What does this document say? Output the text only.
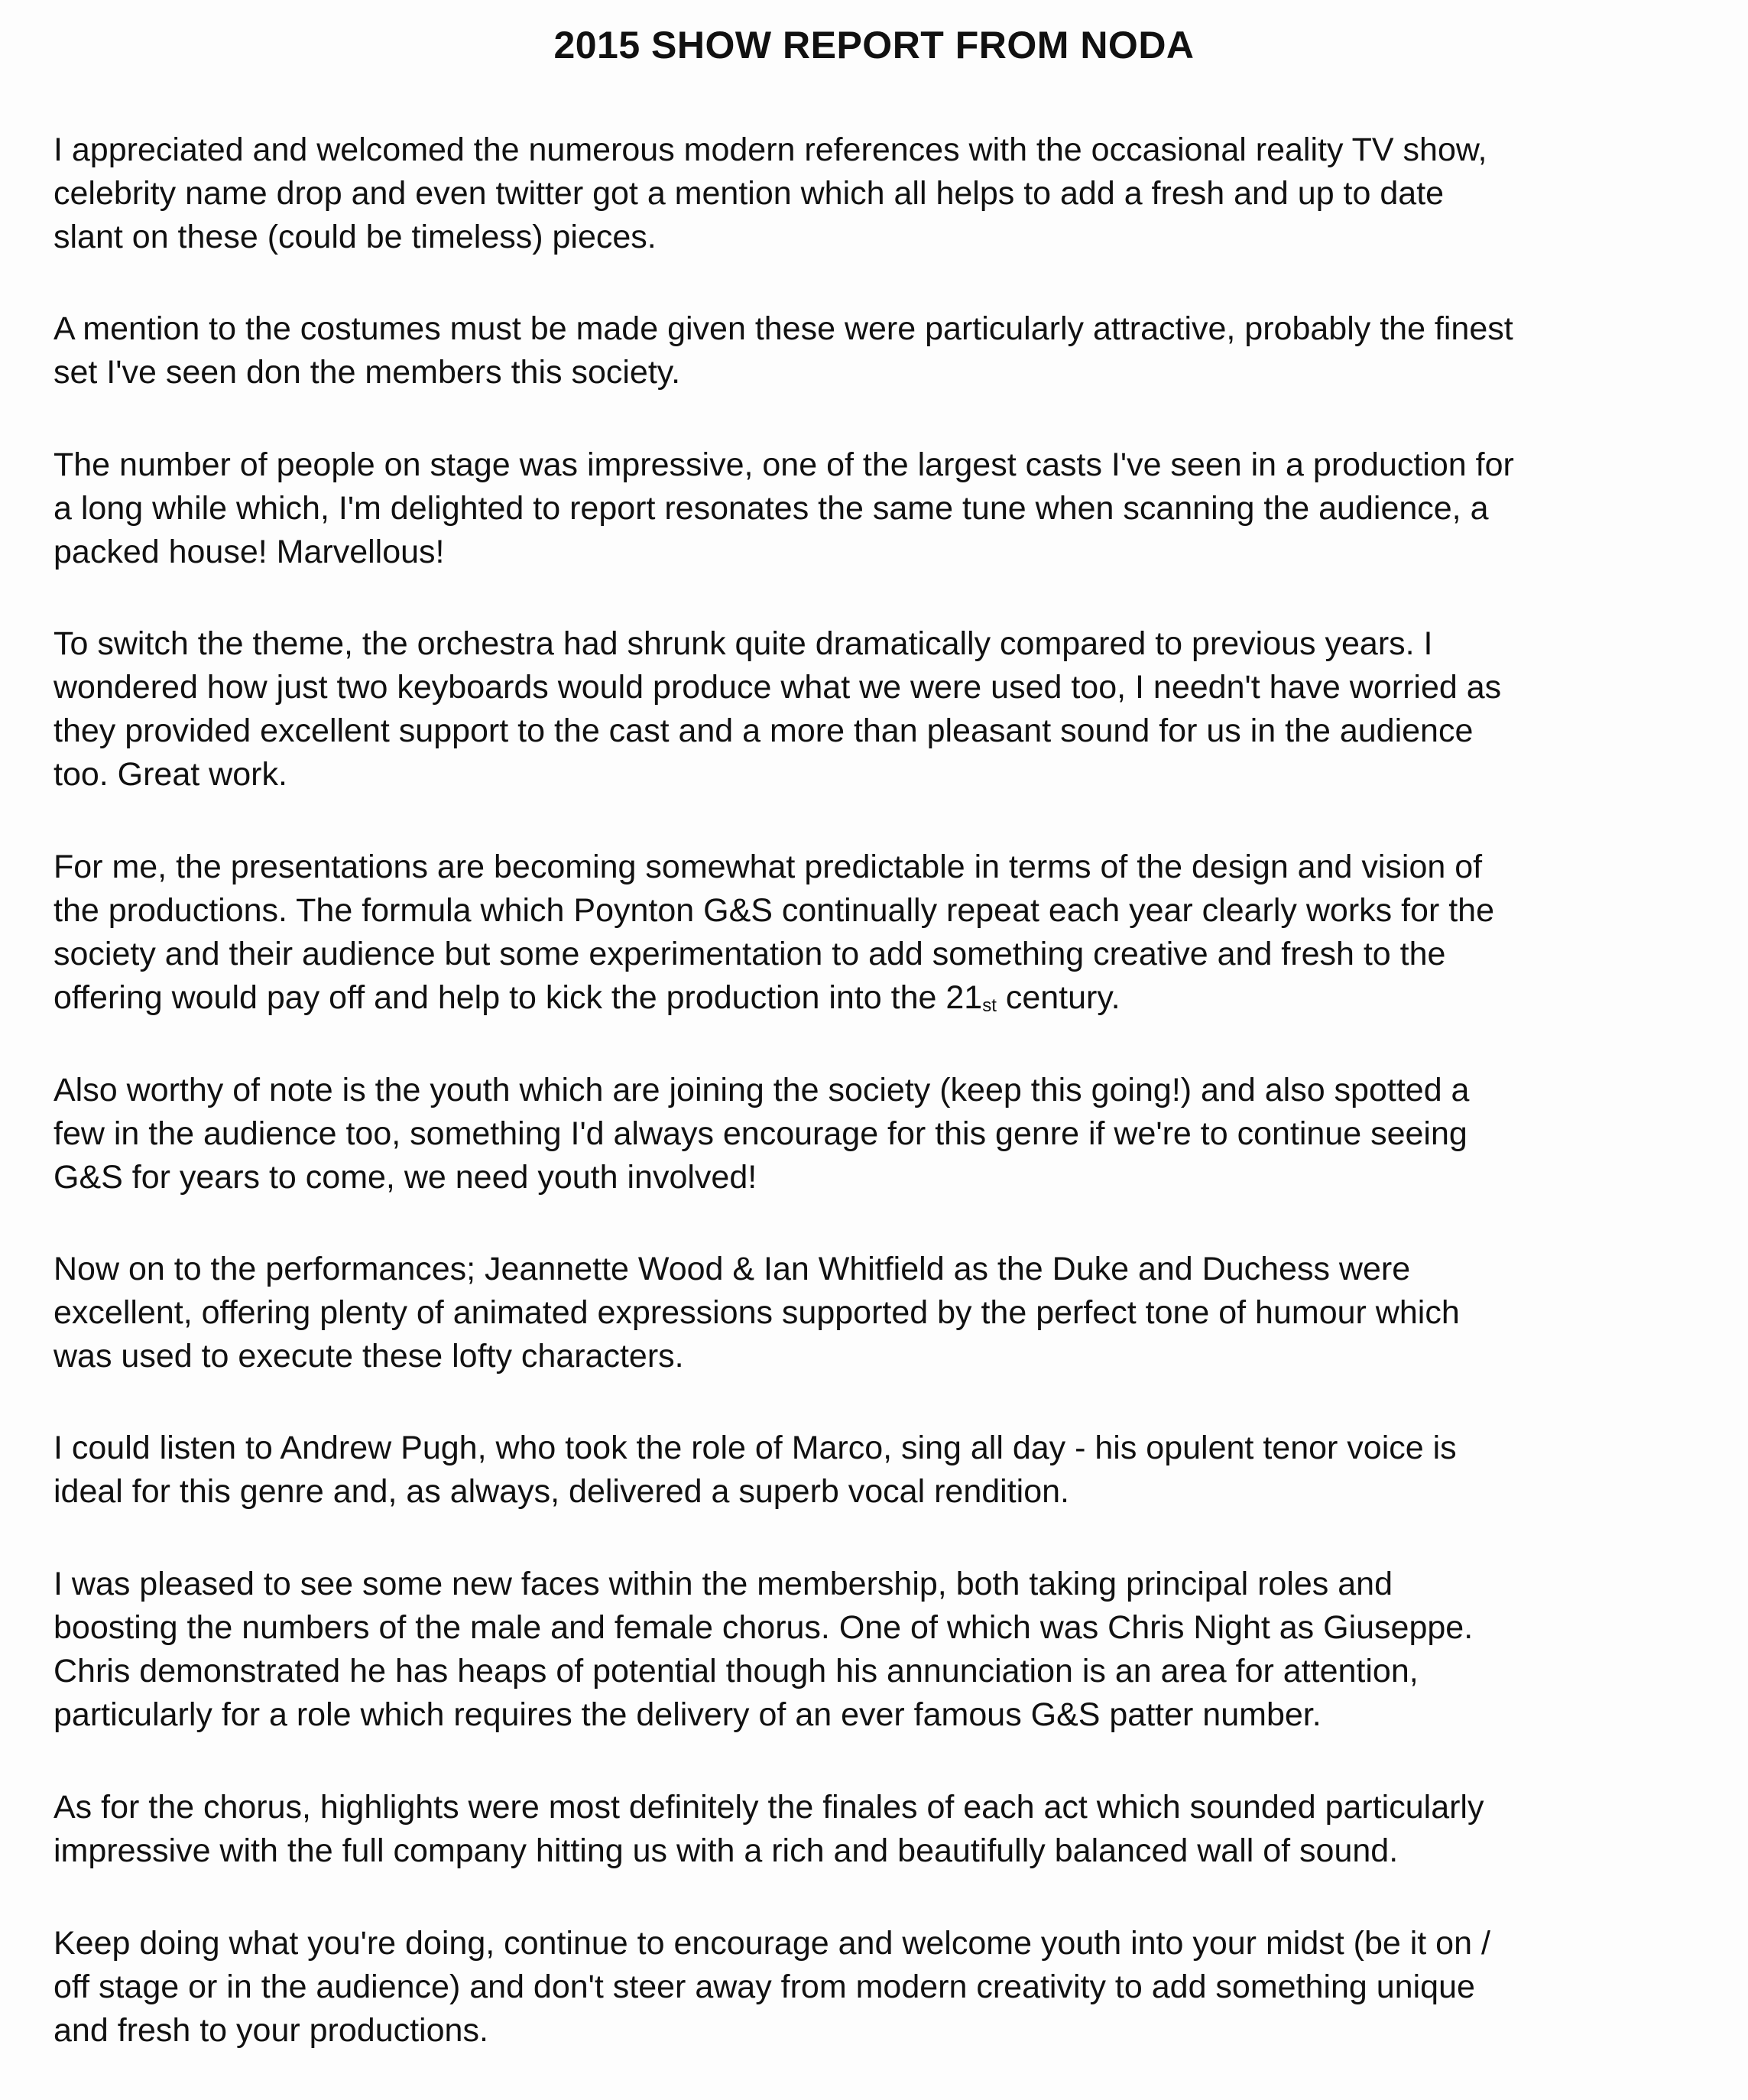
2015 SHOW REPORT FROM NODA

I appreciated and welcomed the numerous modern references with the occasional reality TV show,
celebrity name drop and even twitter got a mention which all helps to add a fresh and up to date
slant on these (could be timeless) pieces.

A mention to the costumes must be made given these were particularly attractive, probably the finest
set I've seen don the members this society.

The number of people on stage was impressive, one of the largest casts I've seen in a production for
a long while which, I'm delighted to report resonates the same tune when scanning the audience, a
packed house! Marvellous!

To switch the theme, the orchestra had shrunk quite dramatically compared to previous years. I
wondered how just two keyboards would produce what we were used too, I needn't have worried as
they provided excellent support to the cast and a more than pleasant sound for us in the audience
too. Great work.

For me, the presentations are becoming somewhat predictable in terms of the design and vision of
the productions. The formula which Poynton G&S continually repeat each year clearly works for the
society and their audience but some experimentation to add something creative and fresh to the
offering would pay off and help to kick the production into the $21_{st}$ century.

Also worthy of note is the youth which are joining the society (keep this going!) and also spotted a
few in the audience too, something I'd always encourage for this genre if we're to continue seeing
G&S for years to come, we need youth involved!

Now on to the performances; Jeannette Wood & Ian Whitfield as the Duke and Duchess were
excellent, offering plenty of animated expressions supported by the perfect tone of humour which
was used to execute these lofty characters.

I could listen to Andrew Pugh, who took the role of Marco, sing all day - his opulent tenor voice is
ideal for this genre and, as always, delivered a superb vocal rendition.

I was pleased to see some new faces within the membership, both taking principal roles and
boosting the numbers of the male and female chorus. One of which was Chris Night as Giuseppe.
Chris demonstrated he has heaps of potential though his annunciation is an area for attention,
particularly for a role which requires the delivery of an ever famous G&S patter number.

As for the chorus, highlights were most definitely the finales of each act which sounded particularly
impressive with the full company hitting us with a rich and beautifully balanced wall of sound.

Keep doing what you're doing, continue to encourage and welcome youth into your midst (be it on /
off stage or in the audience) and don't steer away from modern creativity to add something unique
and fresh to your productions.
